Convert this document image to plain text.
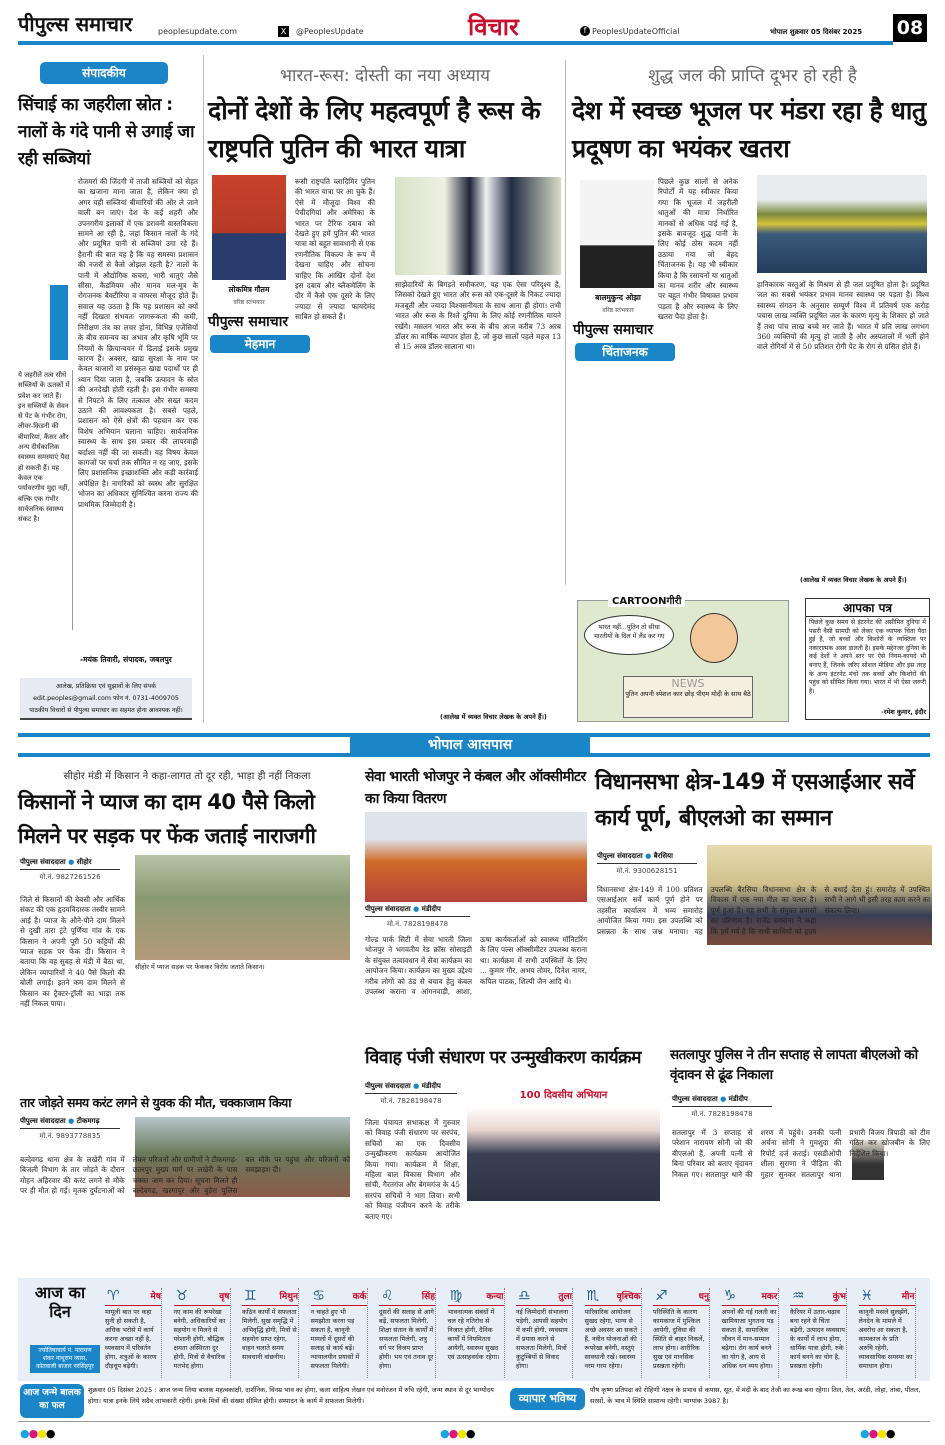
पीपुल्स समाचार	peoplesupdate.com	X	@PeoplesUpdate	विचार	f PeoplesUpdateOfficial	भोपाल शुक्रवार 05 दिसंबर 2025 08
संपादकीय
सिंचाई का जहरीला स्रोत : नालों के गंदे पानी से उगाई जा रही सब्जियां
ये जहरीले तत्व सीधे सब्जियों के ऊतकों में प्रवेश कर जाते हैं। इन सब्जियों के सेवन से पेट के गंभीर रोग, लीवर-किडनी की बीमारियां, कैंसर और अन्य दीर्घकालिक स्वास्थ्य समस्याएं पैदा हो सकती हैं। यह केवल एक पर्यावरणीय मुद्दा नहीं, बल्कि एक गंभीर सार्वजनिक स्वास्थ्य संकट है।
रोजमर्रा की जिंदगी में ताजी सब्जियों को सेहत का खजाना माना जाता है, लेकिन क्या हो अगर यही सब्जियां बीमारियों की ओर ले जाने वाली बन जाएं। देश के कई शहरी और उपनगरीय इलाकों में एक डरावनी वास्तविकता सामने आ रही है, जहां किसान नालों के गंदे और प्रदूषित पानी से सब्जियां उगा रहे हैं। हैरानी की बात यह है कि यह समस्या प्रशासन की नजरों से कैसे ओझल रहती है? नालों के पानी में औद्योगिक कचरा, भारी धातुएं जैसे सीसा, कैडमियम और मानव मल-मूत्र के रोगजनक बैक्टीरिया व वायरस मौजूद होते हैं। सवाल यह उठता है कि यह प्रशासन को क्यों नहीं दिखता संभवतः जागरूकता की कमी, निरीक्षण तंत्र का लचर होना, विभिन्न एजेंसियों के बीच समन्वय का अभाव और कृषि भूमि पर नियमों के क्रियान्वयन में ढिलाई इसके प्रमुख कारण हैं। अक्सर, खाद्य सुरक्षा के नाम पर केवल बाजारों या प्रसंस्कृत खाद्य पदार्थों पर ही ध्यान दिया जाता है, जबकि उत्पादन के स्रोत की अनदेखी होती रहती है। इस गंभीर समस्या से निपटने के लिए तत्काल और सख्त कदम उठाने की आवश्यकता है। सबसे पहले, प्रशासन को ऐसे क्षेत्रों की पहचान कर एक विशेष अभियान चलाना चाहिए। सार्वजनिक स्वास्थ्य के साथ इस प्रकार की लापरवाही बर्दाश्त नहीं की जा सकती। यह विषय केवल कागजों पर चर्चा तक सीमित न रह जाए, इसके लिए प्रशासनिक इच्छाशक्ति और कड़ी कार्रवाई अपेक्षित है। नागरिकों को स्वस्थ और सुरक्षित भोजन का अधिकार सुनिश्चित करना राज्य की प्राथमिक जिम्मेदारी है।
-मयंक तिवारी, संपादक, जबलपुर
आलेख, प्रतिक्रिया एवं सुझावों के लिए संपर्क
edit.peoples@gmail.com फोन नं. 0731-4009705
पाठकीय विचारों से पीपुल्स समाचार का सहमत होना आवश्यक नहीं।
भारत-रूस: दोस्ती का नया अध्याय
दोनों देशों के लिए महत्वपूर्ण है रूस के राष्ट्रपति पुतिन की भारत यात्रा
लोकमित्र गौतम
वरिष्ठ स्तंभकार
पीपुल्स समाचार
मेहमान
रूसी राष्ट्रपति व्लादिमिर पुतिन की भारत यात्रा पर आ चुके हैं। ऐसे में मौजूदा विश्व की पेचीदगियां और अमेरिका के भारत पर टैरिफ दबाव को देखते हुए हमें पुतिन की भारत यात्रा को बहुत सावधानी से एक रणनीतिक विकल्प के रूप में देखना चाहिए और सोचना चाहिए कि आखिर दोनों देश इस दबाव और ब्लैकमेलिंग के दौर में कैसे एक दूसरे के लिए ज्यादा से ज्यादा फायदेमंद साबित हो सकते हैं।
साझेदारियों के बिगड़ते समीकरण, यह एक ऐसा परिदृश्य है, जिसको देखते हुए भारत और रूस को एक-दूसरे के निकट ज्यादा मजबूती और ज्यादा विश्वसनीयता के साथ आना ही होगा। तभी भारत और रूस के रिश्ते दुनिया के लिए कोई रणनीतिक मायने रखेंगे। मसलन भारत और रूस के बीच आज करीब 73 अरब डॉलर का वार्षिक व्यापार होता है, जो कुछ सालों पहले महज 13 से 15 अरब डॉलर सालाना था।
(आलेख में व्यक्त विचार लेखक के अपने हैं।)
शुद्ध जल की प्राप्ति दूभर हो रही है
देश में स्वच्छ भूजल पर मंडरा रहा है धातु प्रदूषण का भयंकर खतरा
बालमुकुन्द ओझा
वरिष्ठ स्तंभकार
पीपुल्स समाचार
चिंताजनक
पिछले कुछ सालों से अनेक रिपोर्टों में यह स्वीकार किया गया कि भूजल में जहरीली धातुओं की मात्रा निर्धारित मानकों से अधिक पाई गई है, इसके बावजूद शुद्ध पानी के लिए कोई ठोस कदम नहीं उठाया गया जो बेहद चिंताजनक है। यह भी स्वीकार किया है कि रसायनों या धातुओं का मानव शरीर और स्वास्थ्य पर बहुत गंभीर विषाक्त प्रभाव पड़ता है और स्वास्थ्य के लिए खतरा पैदा होता है।
हानिकारक वस्तुओं के मिश्रण से ही जल प्रदूषित होता है। प्रदूषित जल का सबसे भयंकर प्रभाव मानव स्वास्थ्य पर पड़ता है। विश्व स्वास्थ्य संगठन के अनुसार सम्पूर्ण विश्व में प्रतिवर्ष एक करोड़ पचास लाख व्यक्ति प्रदूषित जल के कारण मृत्यु के शिकार हो जाते हैं तथा पांच लाख बच्चे मर जाते हैं। भारत में प्रति लाख लगभग 360 व्यक्तियों की मृत्यु हो जाती है और अस्पतालों में भर्ती होने वाले रोगियों में से 50 प्रतिशत रोगी पेट के रोग से ग्रसित होते हैं।
(आलेख में व्यक्त विचार लेखक के अपने हैं।)
CARTOONगीरी
भारत नहीं...पुतिन तो सीधा भारतीयों के दिल में लैंड कर गए
NEWS
पुतिन अपनी स्पेशल कार छोड़ पीएम मोदी के साथ बैठे
आपका पत्र
पिछले कुछ समय से इंटरनेट की असीमित दुनिया में पसरी वैसी सामग्री को लेकर एक व्यापक चिंता पैदा हुई है, जो बच्चों और किशोरों के व्यक्तित्व पर नकारात्मक असर डालती है। इसके मद्देनजर दुनिया के कई देशों ने अपने स्तर पर ऐसे नियम-कायदे भी बनाए हैं, जिनके जरिए सोशल मीडिया और इस तरह के अन्य इंटरनेट मंचों तक बच्चों और किशोरों की पहुंच को सीमित किया गया। भारत में भी ऐसा जरूरी है।
-रमेश कुमार, इंदौर
भोपाल आसपास
सीहोर मंडी में किसान ने कहा-लागत तो दूर रही, भाड़ा ही नहीं निकला
किसानों ने प्याज का दाम 40 पैसे किलो मिलने पर सड़क पर फेंक जताई नाराजगी
पीपुल्स संवाददाता ● सीहोर
मो.नं. 9827261526
जिले से किसानों की बेबसी और आर्थिक संकट की एक हृदयविदारक तस्वीर सामने आई है। प्याज के औने-पौने दाम मिलने से दुखी तारा ट्रंटे पूर्णिया गांव के एक किसान ने अपनी पूरी 50 कट्टियों की प्याज सड़क पर फेंक दी। किसान ने बताया कि वह सुबह से मंडी में बैठा था, लेकिन व्यापारियों ने 40 पैसे किलो की बोली लगाई। इतने कम दाम मिलने से किसान का ट्रैक्टर-ट्रॉली का भाड़ा तक नहीं निकल पाया।
सीहोर में प्याज सड़क पर फेंककर विरोध जताते किसान।
तार जोड़ते समय करंट लगने से युवक की मौत, चक्काजाम किया
पीपुल्स संवाददाता ● टीकमगढ़
मो.नं. 9893778835
बल्देवगढ़ थाना क्षेत्र के लखेरी गांव में बिजली विभाग के तार जोड़ते के दौरान मोहन अहिरवार की करंट लगने से मौके पर ही मौत हो गई। मृतक दुर्घटनाओं को लेकर परिजनों और ग्रामीणों ने टीकमगढ़-छतरपुर मुख्य मार्ग पर लखेरी के पास चक्का जाम कर दिया। सूचना मिलते ही बल्देवगढ़, खरगापुर और बुडेरा पुलिस बल मौके पर पहुंचा और परिजनों को समझाइश दी।
सेवा भारती भोजपुर ने कंबल और ऑक्सीमीटर का किया वितरण
पीपुल्स संवाददाता ● मंडीदीप
मो.नं. 7828198478
गोल्ड पार्क सिटी में सेवा भारती जिला भोजपुर ने भगवतीय रेड क्रॉस सोसाइटी के संयुक्त तत्वावधान में सेवा कार्यक्रम का आयोजन किया। कार्यक्रम का मुख्य उद्देश्य गरीब लोगों को ठंड से बचाव हेतु कंबल उपलब्ध कराना व आंगनवाड़ी, आशा, ऊषा कार्यकर्ताओं को स्वास्थ्य मॉनिटरिंग के लिए पल्स ऑक्सीमीटर उपलब्ध कराना था। कार्यक्रम में सभी उपस्थितों के लिए ... कुमार गौर, अभय तोमर, दिनेश नागर, कपिल पाठक, शिल्पी जैन आदि थे।
विधानसभा क्षेत्र-149 में एसआईआर सर्वे कार्य पूर्ण, बीएलओ का सम्मान
पीपुल्स संवाददाता ● बैरसिया
मो.नं. 9300628151
विधानसभा क्षेत्र-149 में 100 प्रतिशत एसआईआर सर्वे कार्य पूर्ण होने पर तहसील कार्यालय में भव्य समारोह आयोजित किया गया। इस उपलब्धि को प्रसन्नता के साथ जश्न मनाया। यह उपलब्धि बैरसिया विधानसभा क्षेत्र के विकास में एक नया मील का पत्थर है। पूर्ण हुआ है। यह सभी के संयुक्त प्रयासों का परिणाम है। राजेंद्र सक्सेना ने कहा कि हमें गर्व है कि सभी साथियों को हृदय से बधाई देता हूं। समारोह में उपस्थित सभी ने आगे भी इसी तरह काम करने का संकल्प लिया।
विवाह पंजी संधारण पर उन्मुखीकरण कार्यक्रम
पीपुल्स संवाददाता ● मंडीदीप
मो.नं. 7828198478	100 दिवसीय अभियान
जिला पंचायत सभाकक्ष में गुरुवार को विवाह पंजी संधारण पर सरपंच, सचिवों का एक दिवसीय उन्मुखीकरण कार्यक्रम आयोजित किया गया। कार्यक्रम में शिक्षा, महिला बाल विकास विभाग और सांची, गैरतगंज और बेगमगंज के 45 सरपंच सचिवों ने भाग लिया। सभी को विवाह पंजीयन करने के तरीके बताए गए।
सतलापुर पुलिस ने तीन सप्ताह से लापता बीएलओ को वृंदावन से ढूंढ निकाला
पीपुल्स संवाददाता ● मंडीदीप
मो.नं. 7828198478
सतलापुर में 3 सप्ताह से परेशान नारायण सोनी जो की बीएलओ हैं, अपनी पत्नी से बिना परिवार को बताए वृंदावन निकल गए। सतलापुर थाने की शरण में पहुंचे। उनकी पत्नी अर्चना सोनी ने गुमशुदा की रिपोर्ट दर्ज कराई। एसडीओपी शीला सुराणा ने पीड़िता की गुहार सुनकर सतलापुर थाना प्रभारी विजय त्रिपाठी को टीम गठित कर खोजबीन के लिए निर्देशित किया।
आज का दिन
ज्योतिषाचार्य पं. नारायण शंकर नाथूराम व्यास, कोतवाली बाजार नरसिंहपुर
♈	मेष
मामूली बात पर कहा सुनी हो सकती है, अधिक भरोसे में कार्य करना अच्छा नहीं है, व्यवसाय में परिवर्तन होगा, शत्रुओं के कारण दौड़धूप बढ़ेगी।
♉	वृष
नए काम की रूपरेखा बनेगी, अधिकारियों का सहयोग न मिलने से परेशानी होगी, बौद्धिक क्षमता अस्थिरता दूर होगी, मित्रों से वैचारिक मतभेद होगा।
♊	मिथुन
कठिन कार्यों में सफलता मिलेगी, सुख समृद्धि में अभिवृद्धि होगी, मित्रों से सहयोग प्राप्त रहेगा, वाहन चलाते समय सावधानी वांछनीय।
♋	कर्क
न चाहते हुए भी समझौता करना पड़ सकता है, कानूनी मामलों में दूसरों की सलाह से कार्य बढ़ें। न्यायालयीन प्रयासों में सफलता मिलेगी।
♌	सिंह
दूसरों की सलाह से आगे बढ़ें, सफलता मिलेगी, शिक्षा संतान के कार्यों में सफलता मिलेगी, शत्रु वर्ग पर विजय प्राप्त होगी। भय एवं तनाव दूर होगा।
♍	कन्या
भावनात्मक संबंधों में चल रहे गतिरोध से निजात होगी, दैनिक कार्यों में नियमितता आयेगी, स्वास्थ्य सुखद एवं उत्साहवर्धक रहेगा।
♎	तुला
नई जिम्मेदारी संभालना पड़ेगी, आपसी सहयोग में कमी होगी, व्यवसाय में प्रयास करने से सफलता मिलेगी, मित्रों कुटुम्बियों से विवाद होगा।
♏	वृश्चिक
पारिवारिक आयोजन सुखद रहेगा, भाग्य से अच्छे अवसर आ सकते हैं, नवीन योजनाओं की रूपरेखा बनेगी, वस्तुएं सावधानी रखें। स्वास्थ्य नरम गरम रहेगा।
♐	धनु
परिस्थिति के कारण कामकाज में मुश्किल आयेगी, दुविधा की स्थिति से बाहर निकलें, लाभ होगा। शारीरिक सुख एवं मानसिक प्रसन्नता रहेगी।
♑	मकर
अपनों की गई गलती का खामियाजा भुगतना पड़ सकता है, सामाजिक जीवन में मान-सम्मान बढ़ेगा। रोग कार्य बनने का योग है, आय से अधिक धन व्यय होगा।
♒	कुंभ
कैरियर में उतार-चढ़ाव बना रहने से चिंता बढ़ेगी, उत्पादन व्यवसाय के कार्यों में लाभ होगा, धार्मिक यात्रा होगी, रुके कार्य बनने का योग है, प्रसन्नता रहेगी।
♓	मीन
कानूनी मसले सुलझेंगे, लेनदेन के मामले में अवरोध आ सकता है, कामकाज के प्रति अरुचि रहेगी, व्यावसायिक समस्या का समाधान होगा।
आज जन्मे बालक का फल
शुक्रवार 05 दिसंबर 2025 : आज जन्म लिया बालक महत्वकांक्षी, दार्शनिक, विनम्र भाव का होगा, कला साहित्य लेखन एवं मनोरंजन में रुचि रहेगी, जन्म स्थान से दूर भाग्योदय होगा। यात्रा इनके लिये सदैव लाभकारी रहेगी। इनके मित्रों की संख्या सीमित होगी। सम्पादन के कार्य में सफलता मिलेगी।	व्यापार भविष्य
पौष कृष्ण प्रतिपदा को रोहिणी नक्षत्र के प्रभाव से कपास, सूत, में मंदी के बाद तेजी का रूख बना रहेगा। तिल, तेल, अरंडी, लोहा, तांबा, पीतल, सरसों, के भाव में स्थिति सामान्य रहेगी। भाग्यांक 3987 है।
●●●●	●●●●	●●●●
